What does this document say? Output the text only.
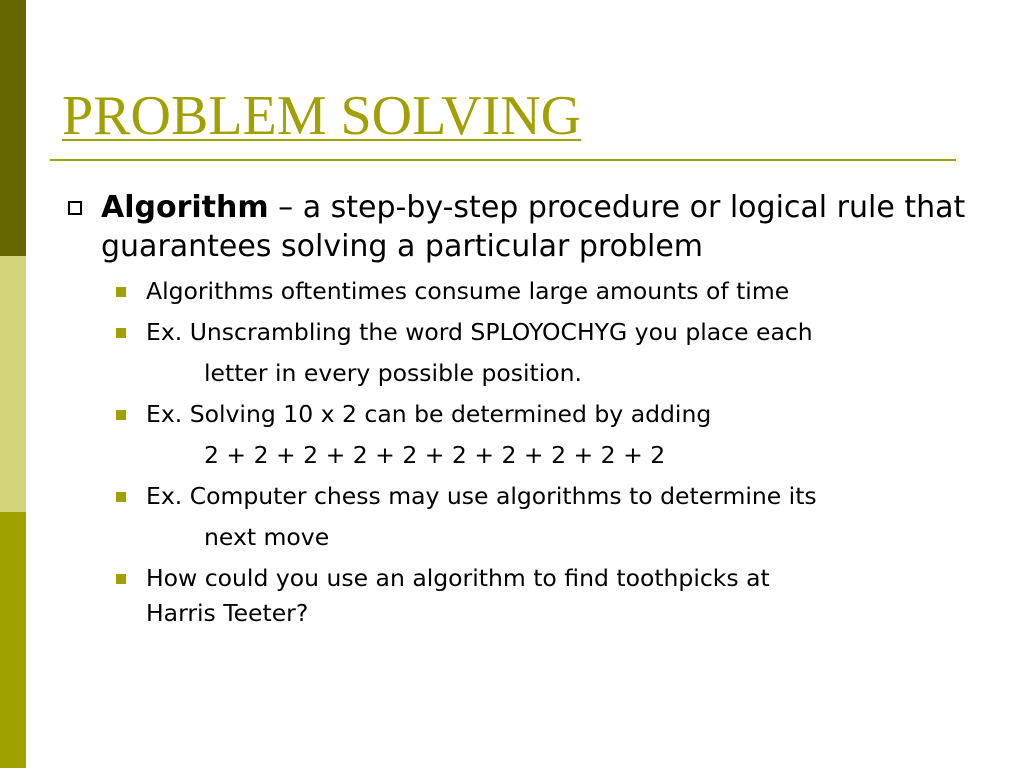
PROBLEM SOLVING
Algorithm – a step-by-step procedure or logical rule that guarantees solving a particular problem
Algorithms oftentimes consume large amounts of time
Ex. Unscrambling the word SPLOYOCHYG you place each
letter in every possible position.
Ex. Solving 10 x 2 can be determined by adding
2 + 2 + 2 + 2 + 2 + 2 + 2 + 2 + 2 + 2
Ex. Computer chess may use algorithms to determine its
next move
How could you use an algorithm to find toothpicks at
Harris Teeter?
